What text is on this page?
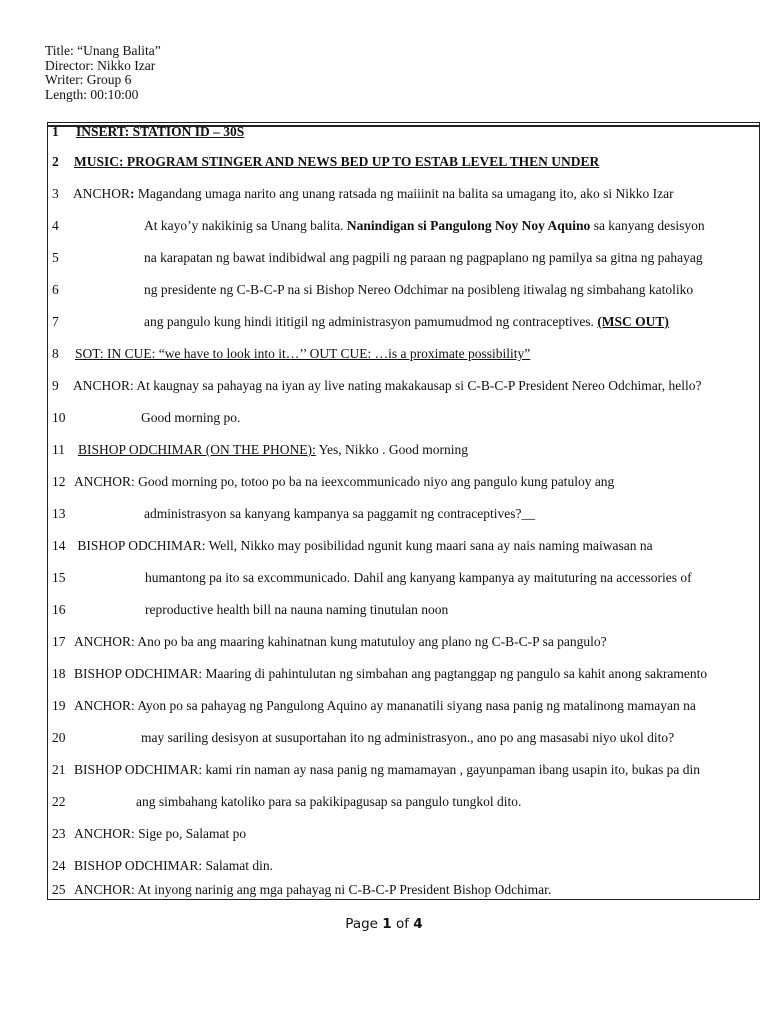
Title: “Unang Balita”
Director: Nikko Izar
Writer: Group 6
Length: 00:10:00
1 INSERT: STATION ID – 30S
2 MUSIC: PROGRAM STINGER AND NEWS BED UP TO ESTAB LEVEL THEN UNDER
3 ANCHOR: Magandang umaga narito ang unang ratsada ng maiiinit na balita sa umagang ito, ako si Nikko Izar
4	At kayo’y nakikinig sa Unang balita. Nanindigan si Pangulong Noy Noy Aquino sa kanyang desisyon
5	na karapatan ng bawat indibidwal ang pagpili ng paraan ng pagpaplano ng pamilya sa gitna ng pahayag
6	ng presidente ng C-B-C-P na si Bishop Nereo Odchimar na posibleng itiwalag ng simbahang katoliko
7	ang pangulo kung hindi ititigil ng administrasyon pamumudmod ng contraceptives. (MSC OUT)
8 SOT: IN CUE: “we have to look into it…’’ OUT CUE: …is a proximate possibility”
9 ANCHOR: At kaugnay sa pahayag na iyan ay live nating makakausap si C-B-C-P President Nereo Odchimar, hello?
10	Good morning po.
11 BISHOP ODCHIMAR (ON THE PHONE): Yes, Nikko . Good morning
12 ANCHOR: Good morning po, totoo po ba na ieexcommunicado niyo ang pangulo kung patuloy ang
13	administrasyon sa kanyang kampanya sa paggamit ng contraceptives?__
14 BISHOP ODCHIMAR: Well, Nikko may posibilidad ngunit kung maari sana ay nais naming maiwasan na
15	humantong pa ito sa excommunicado. Dahil ang kanyang kampanya ay maituturing na accessories of
16	reproductive health bill na nauna naming tinutulan noon
17 ANCHOR: Ano po ba ang maaring kahinatnan kung matutuloy ang plano ng C-B-C-P sa pangulo?
18 BISHOP ODCHIMAR: Maaring di pahintulutan ng simbahan ang pagtanggap ng pangulo sa kahit anong sakramento
19 ANCHOR: Ayon po sa pahayag ng Pangulong Aquino ay mananatili siyang nasa panig ng matalinong mamayan na
20	may sariling desisyon at susuportahan ito ng administrasyon., ano po ang masasabi niyo ukol dito?
21 BISHOP ODCHIMAR: kami rin naman ay nasa panig ng mamamayan , gayunpaman ibang usapin ito, bukas pa din
22	ang simbahang katoliko para sa pakikipagusap sa pangulo tungkol dito.
23 ANCHOR: Sige po, Salamat po
24 BISHOP ODCHIMAR: Salamat din.
25 ANCHOR: At inyong narinig ang mga pahayag ni C-B-C-P President Bishop Odchimar.
Page 1 of 4
